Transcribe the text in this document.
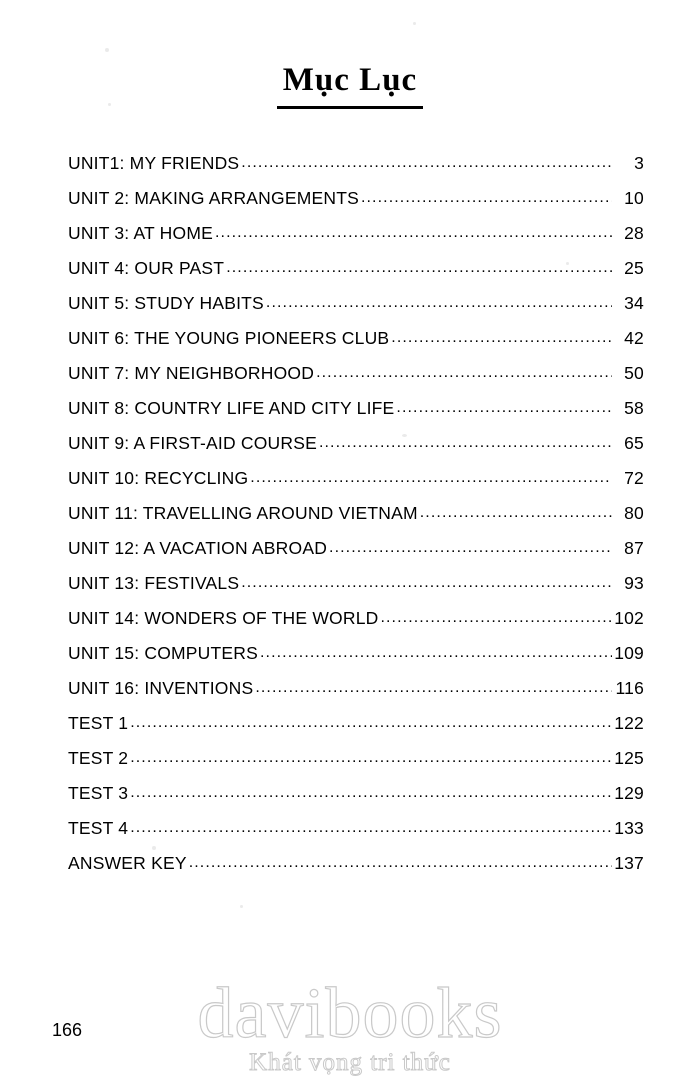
Mục Lục
UNIT1: MY FRIENDS .....	3
UNIT 2: MAKING ARRANGEMENTS .....	10
UNIT 3: AT HOME .....	28
UNIT 4: OUR PAST .....	25
UNIT 5: STUDY HABITS .....	34
UNIT 6: THE YOUNG PIONEERS CLUB .....	42
UNIT 7: MY NEIGHBORHOOD .....	50
UNIT 8: COUNTRY LIFE AND CITY LIFE .....	58
UNIT 9: A FIRST-AID COURSE .....	65
UNIT 10: RECYCLING .....	72
UNIT 11: TRAVELLING AROUND VIETNAM .....	80
UNIT 12: A VACATION ABROAD .....	87
UNIT 13: FESTIVALS .....	93
UNIT 14: WONDERS OF THE WORLD .....	102
UNIT 15: COMPUTERS .....	109
UNIT 16: INVENTIONS .....	116
TEST 1 .....	122
TEST 2 .....	125
TEST 3 .....	129
TEST 4 .....	133
ANSWER KEY .....	137
166	davibooks
Khát vọng tri thức
